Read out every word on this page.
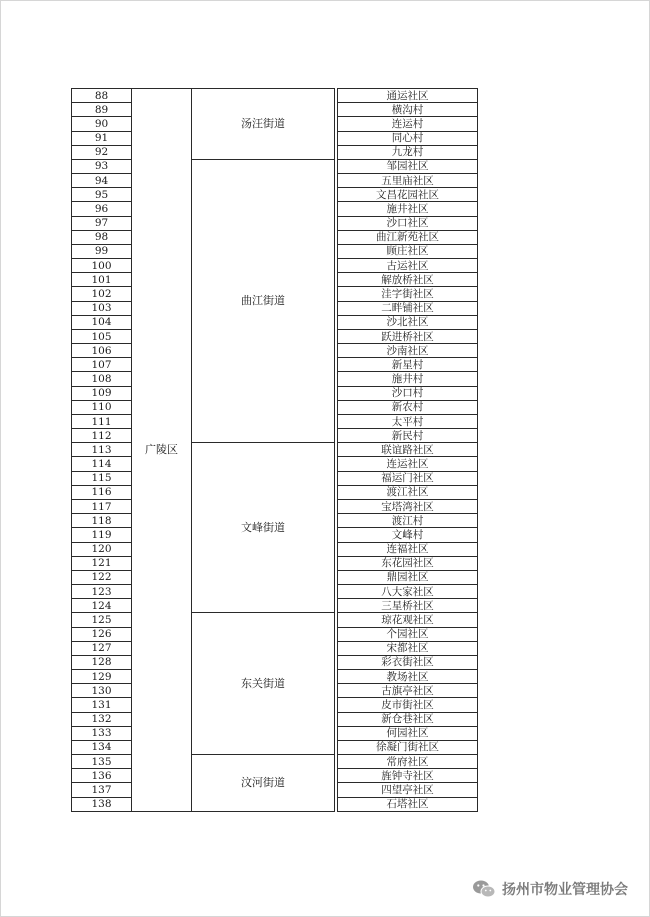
88	广陵区	汤汪街道		通运社区
89				横沟村
90				连运村
91				同心村
92				九龙村
93		曲江街道		邹园社区
94				五里庙社区
95				文昌花园社区
96				施井社区
97				沙口社区
98				曲江新苑社区
99				顾庄社区
100				古运社区
101				解放桥社区
102				洼字街社区
103				二畔铺社区
104				沙北社区
105				跃进桥社区
106				沙南社区
107				新星村
108				施井村
109				沙口村
110				新农村
111				太平村
112				新民村
113		文峰街道		联谊路社区
114				连运社区
115				福运门社区
116				渡江社区
117				宝塔湾社区
118				渡江村
119				文峰村
120				连福社区
121				东花园社区
122				鼎园社区
123				八大家社区
124				三星桥社区
125		东关街道		琼花观社区
126				个园社区
127				宋都社区
128				彩衣街社区
129				教场社区
130				古旗亭社区
131				皮市街社区
132				新仓巷社区
133				何园社区
134				徐凝门街社区
135		汶河街道		常府社区
136				旌钟寺社区
137				四望亭社区
138				石塔社区
扬州市物业管理协会
